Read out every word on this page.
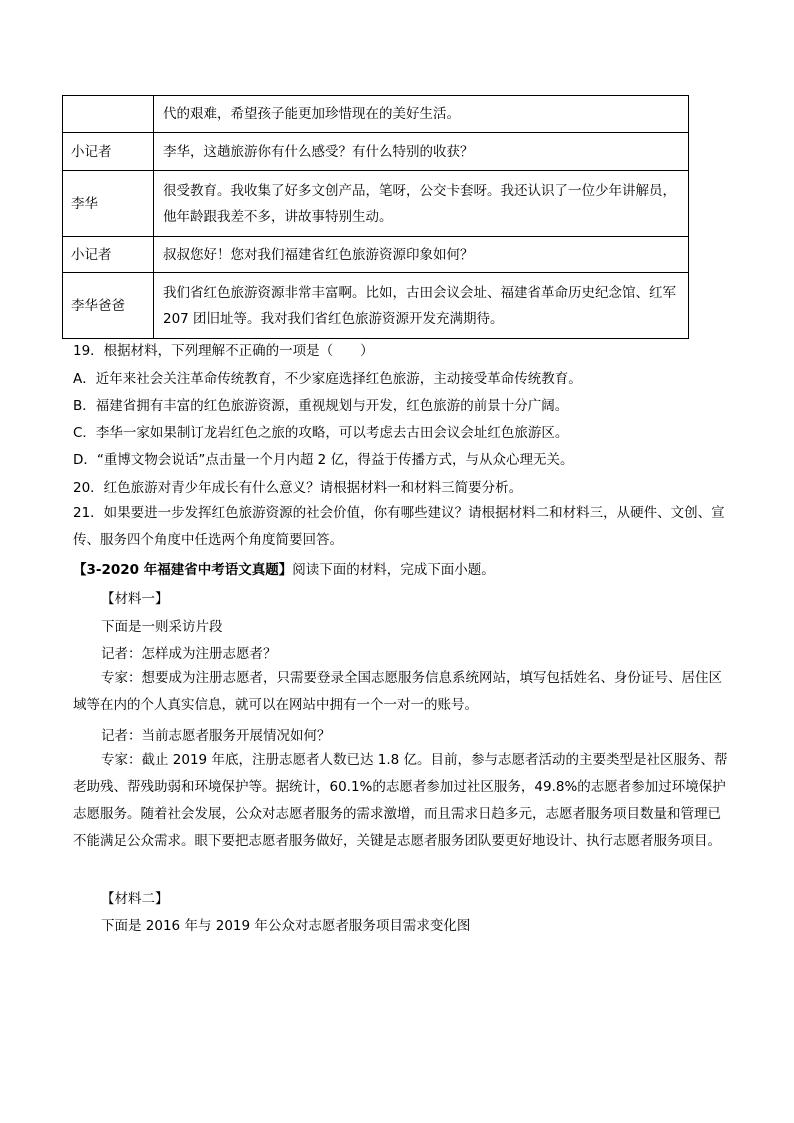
	代的艰难，希望孩子能更加珍惜现在的美好生活。
小记者	李华，这趟旅游你有什么感受？有什么特别的收获？
李华	很受教育。我收集了好多文创产品，笔呀，公交卡套呀。我还认识了一位少年讲解员，他年龄跟我差不多，讲故事特别生动。
小记者	叔叔您好！您对我们福建省红色旅游资源印象如何？
李华爸爸	我们省红色旅游资源非常丰富啊。比如，古田会议会址、福建省革命历史纪念馆、红军 207 团旧址等。我对我们省红色旅游资源开发充满期待。
19．根据材料，下列理解不正确的一项是（　　）
A．近年来社会关注革命传统教育，不少家庭选择红色旅游，主动接受革命传统教育。
B．福建省拥有丰富的红色旅游资源，重视规划与开发，红色旅游的前景十分广阔。
C．李华一家如果制订龙岩红色之旅的攻略，可以考虑去古田会议会址红色旅游区。
D．“重博文物会说话”点击量一个月内超 2 亿，得益于传播方式，与从众心理无关。
20．红色旅游对青少年成长有什么意义？请根据材料一和材料三简要分析。
21．如果要进一步发挥红色旅游资源的社会价值，你有哪些建议？请根据材料二和材料三，从硬件、文创、宣传、服务四个角度中任选两个角度简要回答。
【3-2020 年福建省中考语文真题】阅读下面的材料，完成下面小题。
【材料一】
下面是一则采访片段
记者：怎样成为注册志愿者？
专家：想要成为注册志愿者，只需要登录全国志愿服务信息系统网站，填写包括姓名、身份证号、居住区域等在内的个人真实信息，就可以在网站中拥有一个一对一的账号。
记者：当前志愿者服务开展情况如何？
专家：截止 2019 年底，注册志愿者人数已达 1.8 亿。目前，参与志愿者活动的主要类型是社区服务、帮老助残、帮残助弱和环境保护等。据统计，60.1%的志愿者参加过社区服务，49.8%的志愿者参加过环境保护志愿服务。随着社会发展，公众对志愿者服务的需求激增，而且需求日趋多元，志愿者服务项目数量和管理已不能满足公众需求。眼下要把志愿者服务做好，关键是志愿者服务团队要更好地设计、执行志愿者服务项目。
【材料二】
下面是 2016 年与 2019 年公众对志愿者服务项目需求变化图
